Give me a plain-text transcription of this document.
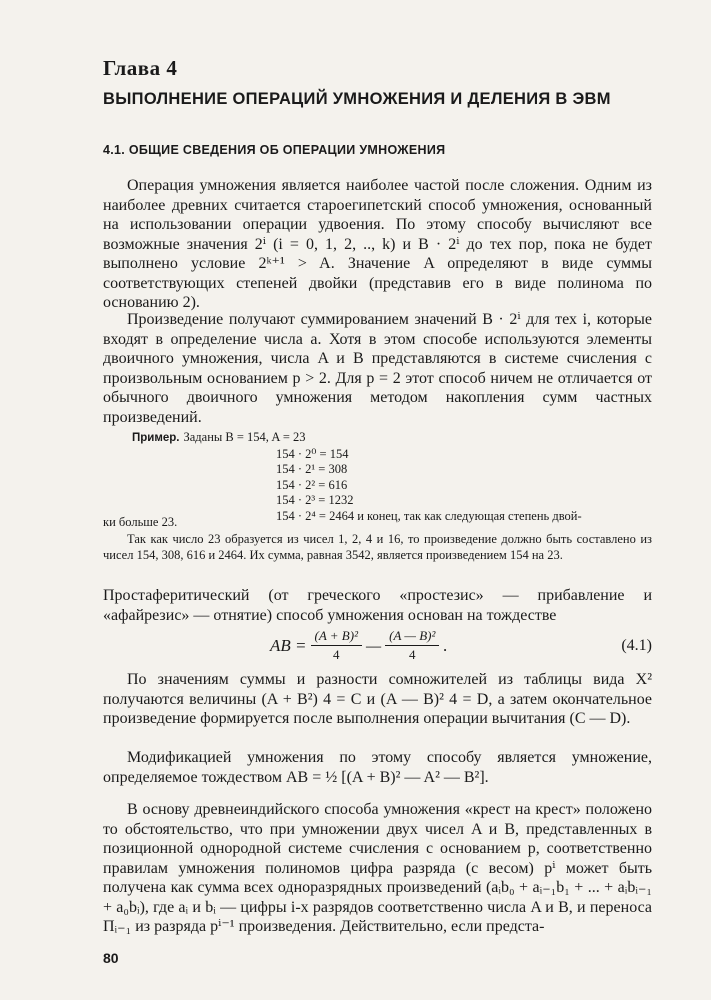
Глава 4
ВЫПОЛНЕНИЕ ОПЕРАЦИЙ УМНОЖЕНИЯ И ДЕЛЕНИЯ В ЭВМ
4.1. ОБЩИЕ СВЕДЕНИЯ ОБ ОПЕРАЦИИ УМНОЖЕНИЯ

Операция умножения является наиболее частой после сложения. Одним из наиболее древних считается староегипетский способ умножения, основанный на использовании операции удвоения. По этому способу вычисляют все возможные значения 2ⁱ (i = 0, 1, 2, .., k) и B · 2ⁱ до тех пор, пока не будет выполнено условие 2ᵏ⁺¹ > A. Значение A определяют в виде суммы соответствующих степеней двойки (представив его в виде полинома по основанию 2).

Произведение получают суммированием значений B · 2ⁱ для тех i, которые входят в определение числа a. Хотя в этом способе используются элементы двоичного умножения, числа A и B представляются в системе счисления с произвольным основанием p > 2. Для p = 2 этот способ ничем не отличается от обычного двоичного умножения методом накопления сумм частных произведений.

Пример. Заданы B = 154, A = 23
154 · 2⁰ = 154
154 · 2¹ = 308
154 · 2² = 616
154 · 2³ = 1232
154 · 2⁴ = 2464 и конец, так как следующая степень двой-
ки больше 23.
Так как число 23 образуется из чисел 1, 2, 4 и 16, то произведение должно быть составлено из чисел 154, 308, 616 и 2464. Их сумма, равная 3542, является произведением 154 на 23.

Простаферитический (от греческого «простезис» — прибавление и «афайрезис» — отнятие) способ умножения основан на тождестве

AB = $\frac{\text{(A + B)²}}{4}$ — $\frac{\text{(A — B)²}}{4}$ .	(4.1)

По значениям суммы и разности сомножителей из таблицы вида X² получаются величины (A + B²) 4 = C и (A — B)² 4 = D, а затем окончательное произведение формируется после выполнения операции вычитания (C — D).

Модификацией умножения по этому способу является умножение, определяемое тождеством AB = ½ [(A + B)² — A² — B²].

В основу древнеиндийского способа умножения «крест на крест» положено то обстоятельство, что при умножении двух чисел A и B, представленных в позиционной однородной системе счисления с основанием p, соответственно правилам умножения полиномов цифра разряда (с весом) pⁱ может быть получена как сумма всех одноразрядных произведений (aᵢb₀ + aᵢ₋₁b₁ + ... + aᵢbᵢ₋₁ + a₀bᵢ), где aᵢ и bᵢ — цифры i-х разрядов соответственно числа A и B, и переноса Пᵢ₋₁ из разряда pⁱ⁻¹ произведения. Действительно, если предста-

80
